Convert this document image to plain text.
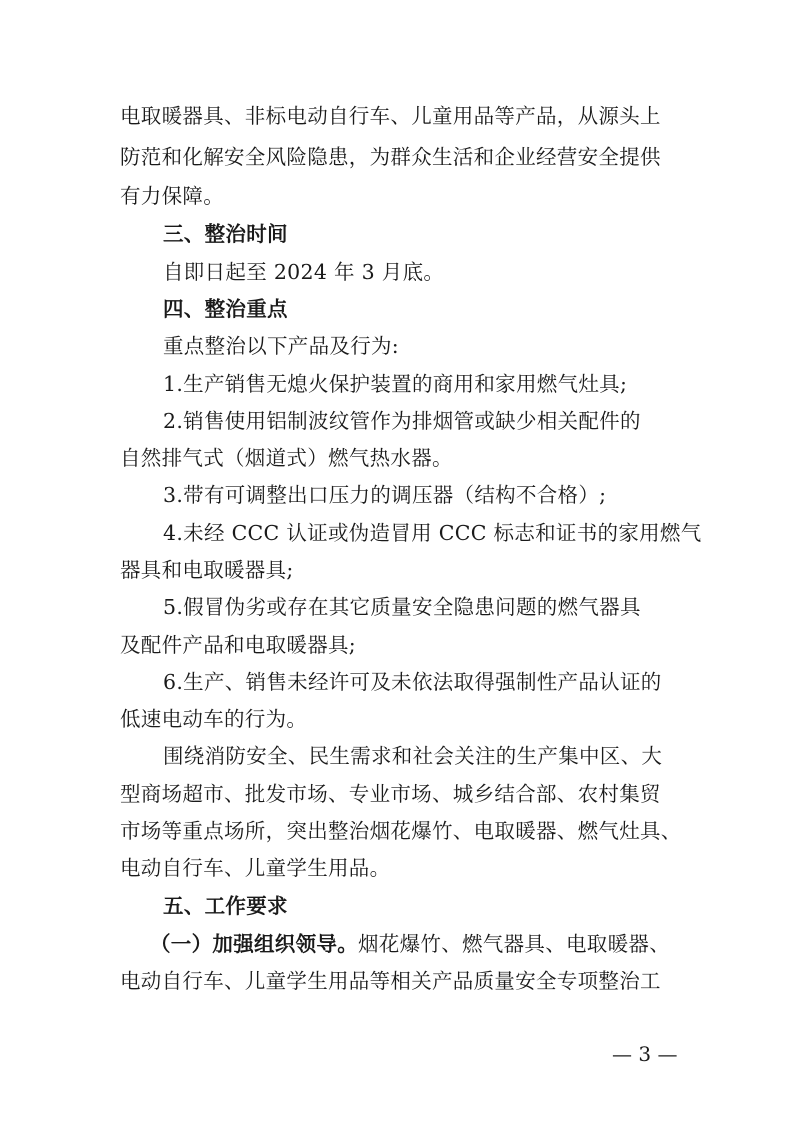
电取暖器具、非标电动自行车、儿童用品等产品，从源头上
防范和化解安全风险隐患，为群众生活和企业经营安全提供
有力保障。
三、整治时间
自即日起至 2024 年 3 月底。
四、整治重点
重点整治以下产品及行为:
1.生产销售无熄火保护装置的商用和家用燃气灶具;
2.销售使用铝制波纹管作为排烟管或缺少相关配件的
自然排气式（烟道式）燃气热水器。
3.带有可调整出口压力的调压器（结构不合格）;
4.未经 CCC 认证或伪造冒用 CCC 标志和证书的家用燃气
器具和电取暖器具;
5.假冒伪劣或存在其它质量安全隐患问题的燃气器具
及配件产品和电取暖器具;
6.生产、销售未经许可及未依法取得强制性产品认证的
低速电动车的行为。
围绕消防安全、民生需求和社会关注的生产集中区、大
型商场超市、批发市场、专业市场、城乡结合部、农村集贸
市场等重点场所，突出整治烟花爆竹、电取暖器、燃气灶具、
电动自行车、儿童学生用品。
五、工作要求
（一）加强组织领导。烟花爆竹、燃气器具、电取暖器、
电动自行车、儿童学生用品等相关产品质量安全专项整治工
— 3 —
